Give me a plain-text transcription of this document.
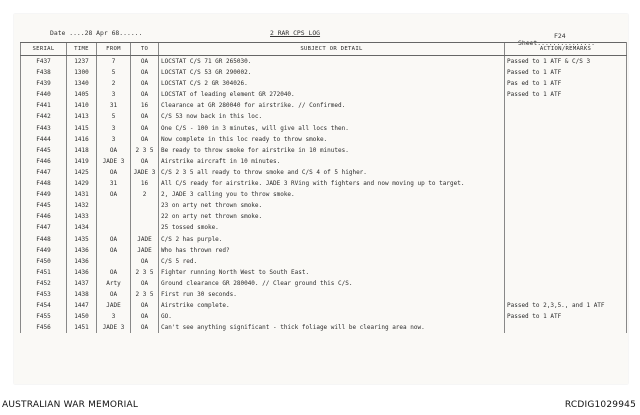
Date ....28 Apr 68......	2 RAR CPS LOG	F24
Sheet...............
SERIAL	TIME	FROM	TO	SUBJECT OR DETAIL	ACTION/REMARKS
F437	1237	7	OA	LOCSTAT C/S 71 GR 265030.	Passed to 1 ATF & C/S 3
F438	1300	5	OA	LOCSTAT C/S 53 GR 290002.	Passed to 1 ATF
F439	1340	2	OA	LOCSTAT C/S 2 GR 304026.	Pas ed to 1 ATF
F440	1405	3	OA	LOCSTAT of leading element GR 272040.	Passed to 1 ATF
F441	1410	31	16	Clearance at GR 280040 for airstrike. // Confirmed.	
F442	1413	5	OA	C/S 53 now back in this loc.	
F443	1415	3	OA	One C/S - 100 in 3 minutes, will give all locs then.	
F444	1416	3	OA	Now complete in this loc ready to throw smoke.	
F445	1418	OA	2 3 5	Be ready to throw smoke for airstrike in 10 minutes.	
F446	1419	JADE 3	OA	Airstrike aircraft in 10 minutes.	
F447	1425	OA	JADE 3	C/S 2 3 5 all ready to throw smoke and C/S 4 of 5 higher.	
F448	1429	31	16	All C/S ready for airstrike. JADE 3 RVing with fighters and now moving up to target.	
F449	1431	OA	2	2, JADE 3 calling you to throw smoke.	
F445	1432			23 on arty net thrown smoke.	
F446	1433			22 on arty net thrown smoke.	
F447	1434			25 tossed smoke.	
F448	1435	OA	JADE	C/S 2 has purple.	
F449	1436	OA	JADE	Who has thrown red?	
F450	1436		OA	C/S 5 red.	
F451	1436	OA	2 3 5	Fighter running North West to South East.	
F452	1437	Arty	OA	Ground clearance GR 280040. // Clear ground this C/S.	
F453	1438	OA	2 3 5	First run 30 seconds.	
F454	1447	JADE	OA	Airstrike complete.	Passed to 2,3,5., and 1 ATF
F455	1450	3	OA	GO.	Passed to 1 ATF
F456	1451	JADE 3	OA	Can't see anything significant - thick foliage will be clearing area now.	
AUSTRALIAN WAR MEMORIAL	RCDIG1029945
